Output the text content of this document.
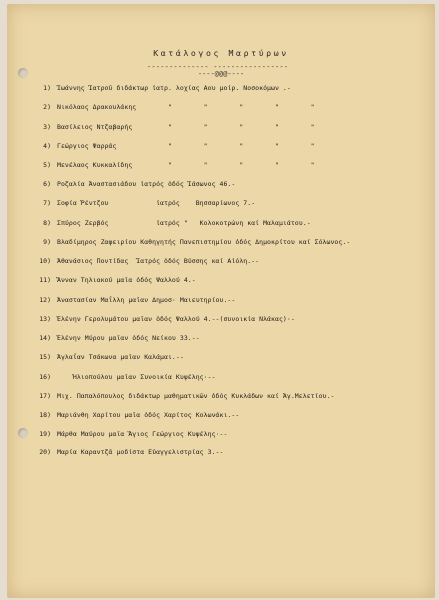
Κατάλογος Μαρτύρων
-------------- -----------------
----@@@----
1) Ἰωάννης Ἰατροῦ διδάκτωρ ἰατρ. λοχίας Αου μοίρ. Νοσοκόμων .-
2) Νικόλαος Δρακουλάκης        "        "        "        "        "
3) Βασίλειος Ντζαβαρής         "        "        "        "        "
4) Γεώργιος Ψαρράς             "        "        "        "        "
5) Μενέλαος Κυκκαλίδης         "        "        "        "        "
6) Ροζαλία Ἀναστασιάδου ἰατρός ὁδός Ἰάσωνος 46.-
7) Σοφία Ῥέντζου            ἰατρός    Βησσαρίωνος 7.-
8) Σπύρος Ζερβός            ἰατρός "   Κολοκοτρώνη καί Μαλαμιάτου.-
9) Βλαδίμηρος Ζαφειρίου Καθηγητής Πανεπιστημίου ὁδός Δημοκρίτου καί Σόλωνος.-
10) Ἀθανάσιος Ποντίδας  Ἰατρός ὁδός Βύσσης καί Αἰόλη.--
11) Ἄνναν Τηλιακού μαῖα ὁδός Ψαλλού 4.-
12) Ἀναστασίαν Μαΐλλη μαῖαν Δημοσ· Μαιευτηρίου.--
13) Ἑλένην Γερολυμάτου μαῖαν ὁδός Ψαλλού 4.--(συνοικία Νλάκας)·-
14) Ἑλένην Μύρου μαῖαν ὁδός Νείκου 33.--
15) Ἀγλαΐαν Τσάκωνα μαῖαν Καλάμαι.--
16)    Ἠλιοπούλου μαῖαν Συνοικία Κυψέλης·--
17) Μιχ. Παπαλόπουλος διδάκτωρ μαθηματικῶν ὁδός Κυκλάδων καί Ἁγ.Μελετίου.-
18) Μαριάνθη Χαρίτου μαῖα ὁδός Χαρίτος Κολωνάκι.--
19) Μάρθα Μαύρου μαῖα Ἅγιος Γεώργιος Κυψέλης·--
20) Μαρία Καραντζᾶ μοδίστα Εὐαγγελιστρίας 3.--
